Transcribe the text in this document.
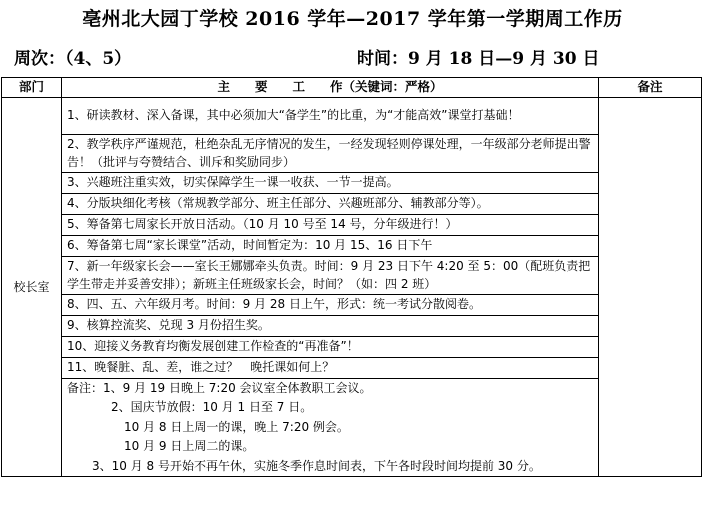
亳州北大园丁学校 2016 学年—2017 学年第一学期周工作历
周次：（4、5）	时间：9 月 18 日—9 月 30 日
部门	主　　要　　工　　作（关键词：严格）	备注
校长室	1、研读教材、深入备课，其中必须加大“备学生”的比重，为“才能高效”课堂打基础！	
	2、教学秩序严谨规范，杜绝杂乱无序情况的发生，一经发现轻则停课处理，一年级部分老师提出警告！（批评与夸赞结合、训斥和奖励同步）	
	3、兴趣班注重实效，切实保障学生一课一收获、一节一提高。	
	4、分版块细化考核（常规教学部分、班主任部分、兴趣班部分、辅教部分等）。	
	5、筹备第七周家长开放日活动。（10 月 10 号至 14 号，分年级进行！）	
	6、筹备第七周“家长课堂”活动，时间暂定为：10 月 15、16 日下午	
	7、新一年级家长会——室长王娜娜牵头负责。时间：9 月 23 日下午 4:20 至 5：00（配班负责把学生带走并妥善安排）；新班主任班级家长会，时间？（如：四 2 班）	
	8、四、五、六年级月考。时间：9 月 28 日上午，形式：统一考试分散阅卷。	
	9、核算控流奖、兑现 3 月份招生奖。	
	10、迎接义务教育均衡发展创建工作检查的“再准备”！	
	11、晚餐脏、乱、差，谁之过？　晚托课如何上？	

	备注：1、9 月 19 日晚上 7:20 会议室全体教职工会议。
2、国庆节放假：10 月 1 日至 7 日。
10 月 8 日上周一的课，晚上 7:20 例会。
10 月 9 日上周二的课。
3、10 月 8 号开始不再午休，实施冬季作息时间表，下午各时段时间均提前 30 分。	
